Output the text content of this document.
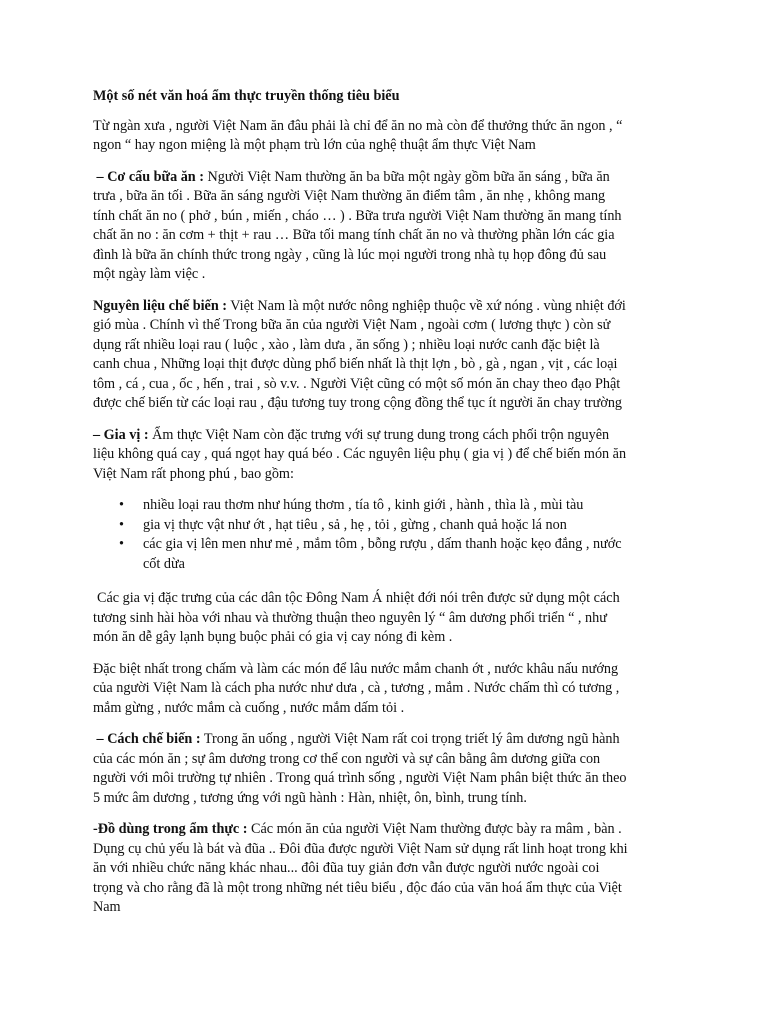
Một số nét văn hoá ẩm thực truyền thống tiêu biểu

Từ ngàn xưa , người Việt Nam ăn đâu phải là chỉ để ăn no mà còn để thưởng thức ăn ngon , “ ngon “ hay ngon miệng là một phạm trù lớn của nghệ thuật ẩm thực Việt Nam

– Cơ cấu bữa ăn : Người Việt Nam thường ăn ba bữa một ngày gồm bữa ăn sáng , bữa ăn trưa , bữa ăn tối . Bữa ăn sáng người Việt Nam thường ăn điểm tâm , ăn nhẹ , không mang tính chất ăn no ( phở , bún , miến , cháo … ) . Bữa trưa người Việt Nam thường ăn mang tính chất ăn no : ăn cơm + thịt + rau … Bữa tối mang tính chất ăn no và thường phần lớn các gia đình là bữa ăn chính thức trong ngày , cũng là lúc mọi người trong nhà tụ họp đông đủ sau một ngày làm việc .

Nguyên liệu chế biến : Việt Nam là một nước nông nghiệp thuộc về xứ nóng . vùng nhiệt đới gió mùa . Chính vì thế Trong bữa ăn của người Việt Nam , ngoài cơm ( lương thực ) còn sử dụng rất nhiều loại rau ( luộc , xào , làm dưa , ăn sống ) ; nhiều loại nước canh đặc biệt là canh chua , Những loại thịt được dùng phổ biến nhất là thịt lợn , bò , gà , ngan , vịt , các loại tôm , cá , cua , ốc , hến , trai , sò v.v. . Người Việt cũng có một số món ăn chay theo đạo Phật được chế biến từ các loại rau , đậu tương tuy trong cộng đồng thể tục ít người ăn chay trường

– Gia vị : Ẩm thực Việt Nam còn đặc trưng với sự trung dung trong cách phối trộn nguyên liệu không quá cay , quá ngọt hay quá béo . Các nguyên liệu phụ ( gia vị ) để chế biến món ăn Việt Nam rất phong phú , bao gồm:

• nhiều loại rau thơm như húng thơm , tía tô , kinh giới , hành , thìa là , mùi tàu
• gia vị thực vật như ớt , hạt tiêu , sả , hẹ , tỏi , gừng , chanh quả hoặc lá non
• các gia vị lên men như mẻ , mắm tôm , bỗng rượu , dấm thanh hoặc kẹo đắng , nước cốt dừa

Các gia vị đặc trưng của các dân tộc Đông Nam Á nhiệt đới nói trên được sử dụng một cách tương sinh hài hòa với nhau và thường thuận theo nguyên lý “ âm dương phối triển “ , như món ăn dễ gây lạnh bụng buộc phải có gia vị cay nóng đi kèm .

Đặc biệt nhất trong chấm và làm các món để lâu nước mắm chanh ớt , nước khâu nấu nướng của người Việt Nam là cách pha nước như dưa , cà , tương , mắm . Nước chấm thì có tương , mắm gừng , nước mắm cà cuống , nước mắm dấm tỏi .

– Cách chế biến : Trong ăn uống , người Việt Nam rất coi trọng triết lý âm dương ngũ hành của các món ăn ; sự âm dương trong cơ thể con người và sự cân bằng âm dương giữa con người với môi trường tự nhiên . Trong quá trình sống , người Việt Nam phân biệt thức ăn theo 5 mức âm dương , tương ứng với ngũ hành : Hàn, nhiệt, ôn, bình, trung tính.

-Đồ dùng trong ẩm thực : Các món ăn của người Việt Nam thường được bày ra mâm , bàn . Dụng cụ chủ yếu là bát và đũa .. Đôi đũa được người Việt Nam sử dụng rất linh hoạt trong khi ăn với nhiều chức năng khác nhau... đôi đũa tuy giản đơn vẫn được người nước ngoài coi trọng và cho rằng đã là một trong những nét tiêu biểu , độc đáo của văn hoá ẩm thực của Việt Nam
